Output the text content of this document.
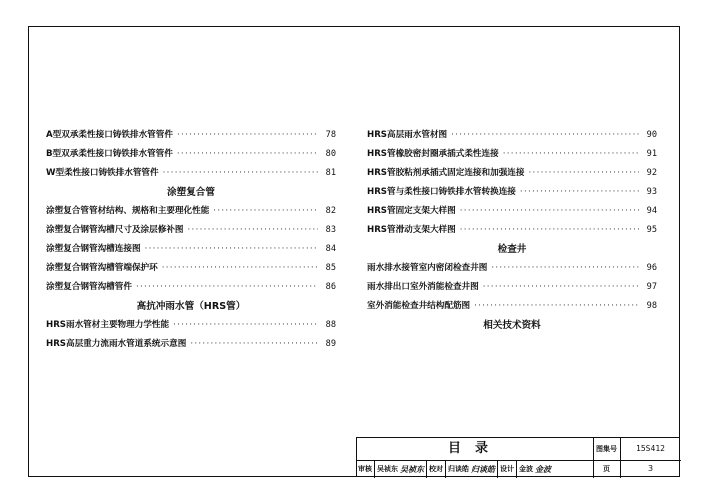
A型双承柔性接口铸铁排水管管件 ·····	78
B型双承柔性接口铸铁排水管管件 ·····	80
W型柔性接口铸铁排水管管件 ·····	81
涂塑复合管
涂塑复合管管材结构、规格和主要理化性能 ·····	82
涂塑复合钢管沟槽尺寸及涂层修补图 ·····	83
涂塑复合钢管沟槽连接图 ·····	84
涂塑复合钢管沟槽管端保护环 ·····	85
涂塑复合钢管沟槽管件 ·····	86
高抗冲雨水管（HRS管）
HRS雨水管材主要物理力学性能 ·····	88
HRS高层重力流雨水管道系统示意图 ·····	89
HRS高层雨水管材图 ·····	90
HRS管橡胶密封圈承插式柔性连接 ·····	91
HRS管胶粘剂承插式固定连接和加强连接 ·····	92
HRS管与柔性接口铸铁排水管转换连接 ·····	93
HRS管固定支架大样图 ·····	94
HRS管滑动支架大样图 ·····	95
检查井
雨水排水接管室内密闭检查井图 ·····	96
雨水排出口室外消能检查井图 ·····	97
室外消能检查井结构配筋图 ·····	98
相关技术资料
目录	图集号	15S412
审核 吴祯东 吴祯东 校对 归谈皓 归谈皓 设计 金波 金波	页	3
